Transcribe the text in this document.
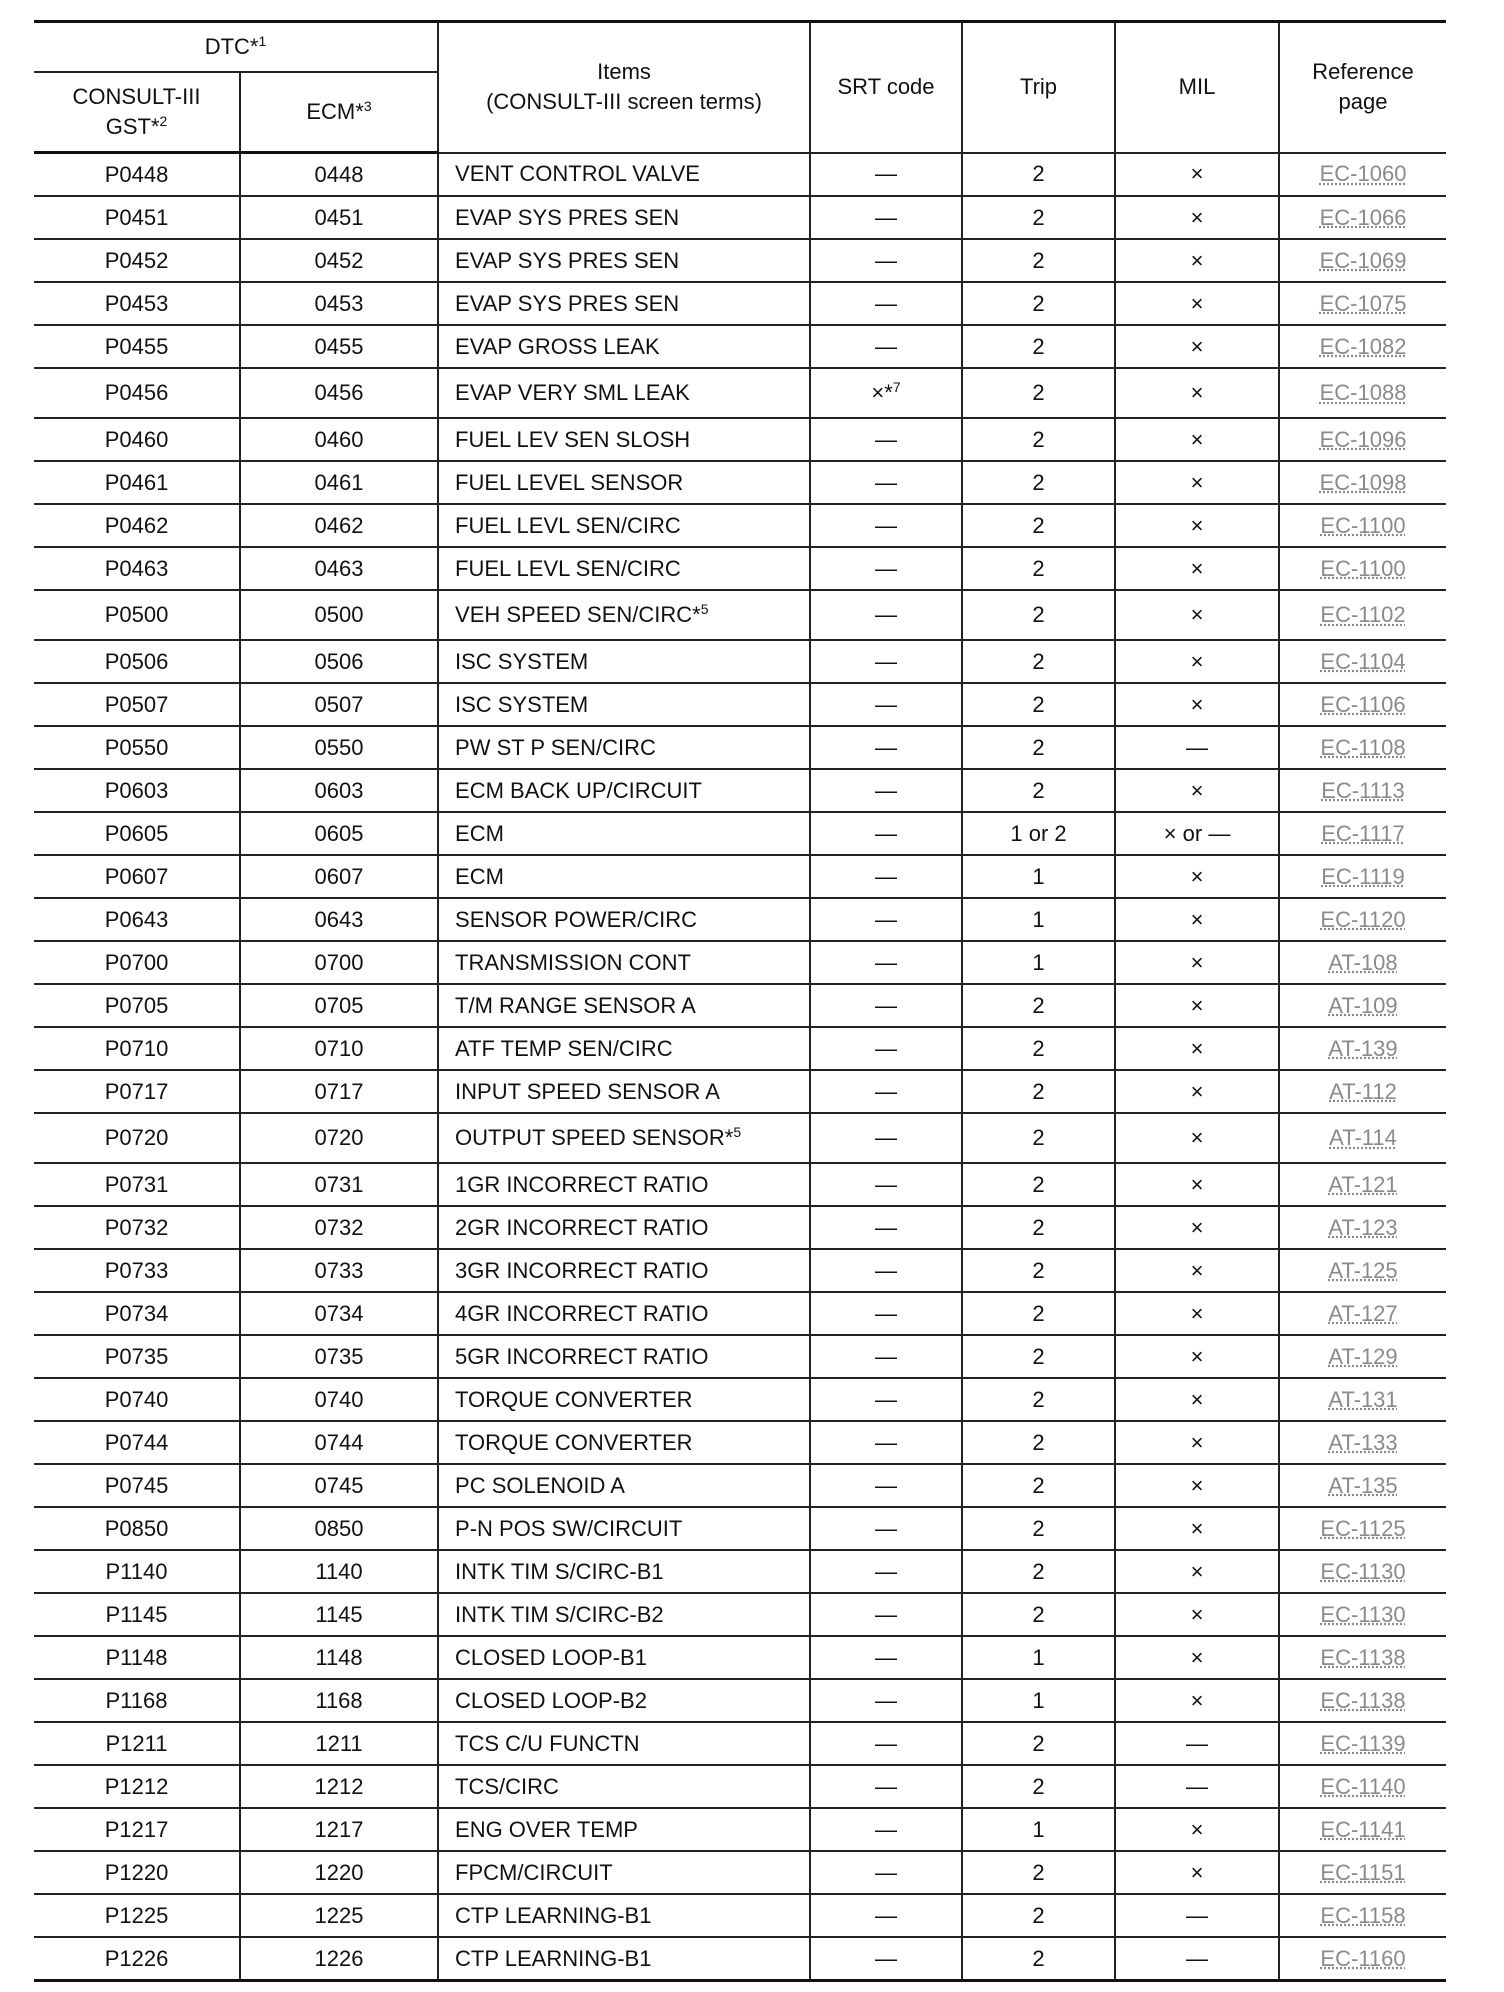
DTC*$^1$		Items
(CONSULT-III screen terms)	SRT code	Trip	MIL	Reference page

CONSULT-III GST*$^2$	ECM*$^3$
P0448	0448	VENT CONTROL VALVE	—	2	×	EC-1060
P0451	0451	EVAP SYS PRES SEN	—	2	×	EC-1066
P0452	0452	EVAP SYS PRES SEN	—	2	×	EC-1069
P0453	0453	EVAP SYS PRES SEN	—	2	×	EC-1075
P0455	0455	EVAP GROSS LEAK	—	2	×	EC-1082
P0456	0456	EVAP VERY SML LEAK	×*$^7$	2	×	EC-1088
P0460	0460	FUEL LEV SEN SLOSH	—	2	×	EC-1096
P0461	0461	FUEL LEVEL SENSOR	—	2	×	EC-1098
P0462	0462	FUEL LEVL SEN/CIRC	—	2	×	EC-1100
P0463	0463	FUEL LEVL SEN/CIRC	—	2	×	EC-1100
P0500	0500	VEH SPEED SEN/CIRC*$^5$	—	2	×	EC-1102
P0506	0506	ISC SYSTEM	—	2	×	EC-1104
P0507	0507	ISC SYSTEM	—	2	×	EC-1106
P0550	0550	PW ST P SEN/CIRC	—	2	—	EC-1108
P0603	0603	ECM BACK UP/CIRCUIT	—	2	×	EC-1113
P0605	0605	ECM	—	1 or 2	× or —	EC-1117
P0607	0607	ECM	—	1	×	EC-1119
P0643	0643	SENSOR POWER/CIRC	—	1	×	EC-1120
P0700	0700	TRANSMISSION CONT	—	1	×	AT-108
P0705	0705	T/M RANGE SENSOR A	—	2	×	AT-109
P0710	0710	ATF TEMP SEN/CIRC	—	2	×	AT-139
P0717	0717	INPUT SPEED SENSOR A	—	2	×	AT-112
P0720	0720	OUTPUT SPEED SENSOR*$^5$	—	2	×	AT-114
P0731	0731	1GR INCORRECT RATIO	—	2	×	AT-121
P0732	0732	2GR INCORRECT RATIO	—	2	×	AT-123
P0733	0733	3GR INCORRECT RATIO	—	2	×	AT-125
P0734	0734	4GR INCORRECT RATIO	—	2	×	AT-127
P0735	0735	5GR INCORRECT RATIO	—	2	×	AT-129
P0740	0740	TORQUE CONVERTER	—	2	×	AT-131
P0744	0744	TORQUE CONVERTER	—	2	×	AT-133
P0745	0745	PC SOLENOID A	—	2	×	AT-135
P0850	0850	P-N POS SW/CIRCUIT	—	2	×	EC-1125
P1140	1140	INTK TIM S/CIRC-B1	—	2	×	EC-1130
P1145	1145	INTK TIM S/CIRC-B2	—	2	×	EC-1130
P1148	1148	CLOSED LOOP-B1	—	1	×	EC-1138
P1168	1168	CLOSED LOOP-B2	—	1	×	EC-1138
P1211	1211	TCS C/U FUNCTN	—	2	—	EC-1139
P1212	1212	TCS/CIRC	—	2	—	EC-1140
P1217	1217	ENG OVER TEMP	—	1	×	EC-1141
P1220	1220	FPCM/CIRCUIT	—	2	×	EC-1151
P1225	1225	CTP LEARNING-B1	—	2	—	EC-1158
P1226	1226	CTP LEARNING-B1	—	2	—	EC-1160
